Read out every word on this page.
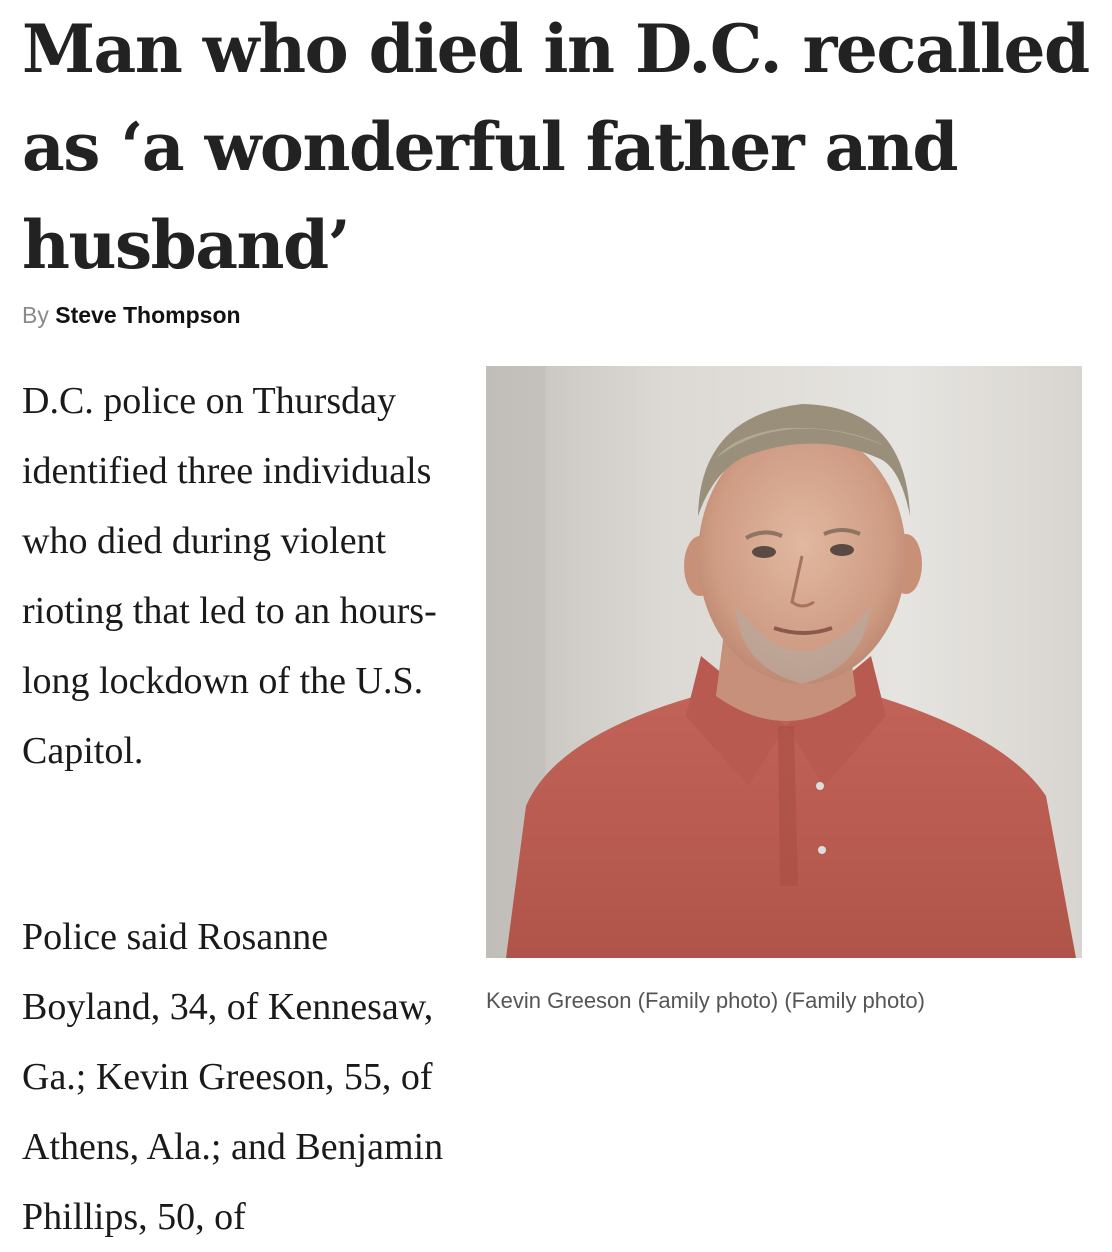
Man who died in D.C. recalled as ‘a wonderful father and husband’
By Steve Thompson

D.C. police on Thursday identified three individuals who died during violent rioting that led to an hours-long lockdown of the U.S. Capitol.

Kevin Greeson (Family photo) (Family photo)

Police said Rosanne Boyland, 34, of Kennesaw, Ga.; Kevin Greeson, 55, of Athens, Ala.; and Benjamin Phillips, 50, of
